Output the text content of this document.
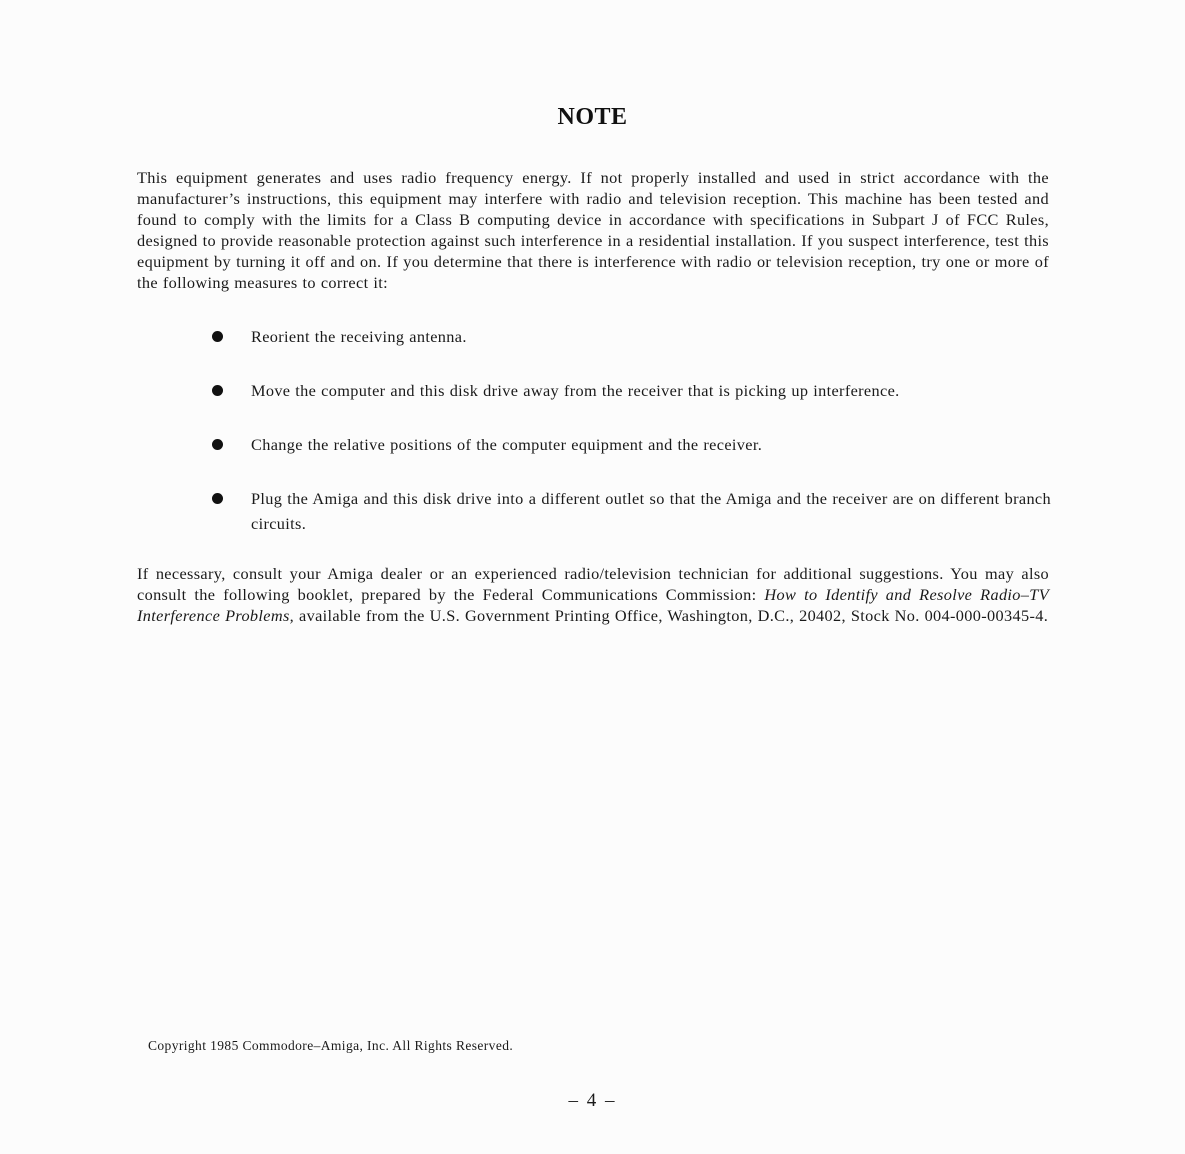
NOTE
This equipment generates and uses radio frequency energy. If not properly installed and used in strict accordance with the manufacturer’s instructions, this equipment may interfere with radio and television reception. This machine has been tested and found to comply with the limits for a Class B computing device in accordance with specifications in Subpart J of FCC Rules, designed to provide reasonable protection against such interference in a residential installation. If you suspect interference, test this equipment by turning it off and on. If you determine that there is interference with radio or television reception, try one or more of the following measures to correct it:
Reorient the receiving antenna.
Move the computer and this disk drive away from the receiver that is picking up interference.
Change the relative positions of the computer equipment and the receiver.
Plug the Amiga and this disk drive into a different outlet so that the Amiga and the receiver are on different branch circuits.
If necessary, consult your Amiga dealer or an experienced radio/television technician for additional suggestions. You may also consult the following booklet, prepared by the Federal Communications Commission: How to Identify and Resolve Radio–TV Interference Problems, available from the U.S. Government Printing Office, Washington, D.C., 20402, Stock No. 004-000-00345-4.
Copyright 1985 Commodore–Amiga, Inc. All Rights Reserved.
– 4 –
